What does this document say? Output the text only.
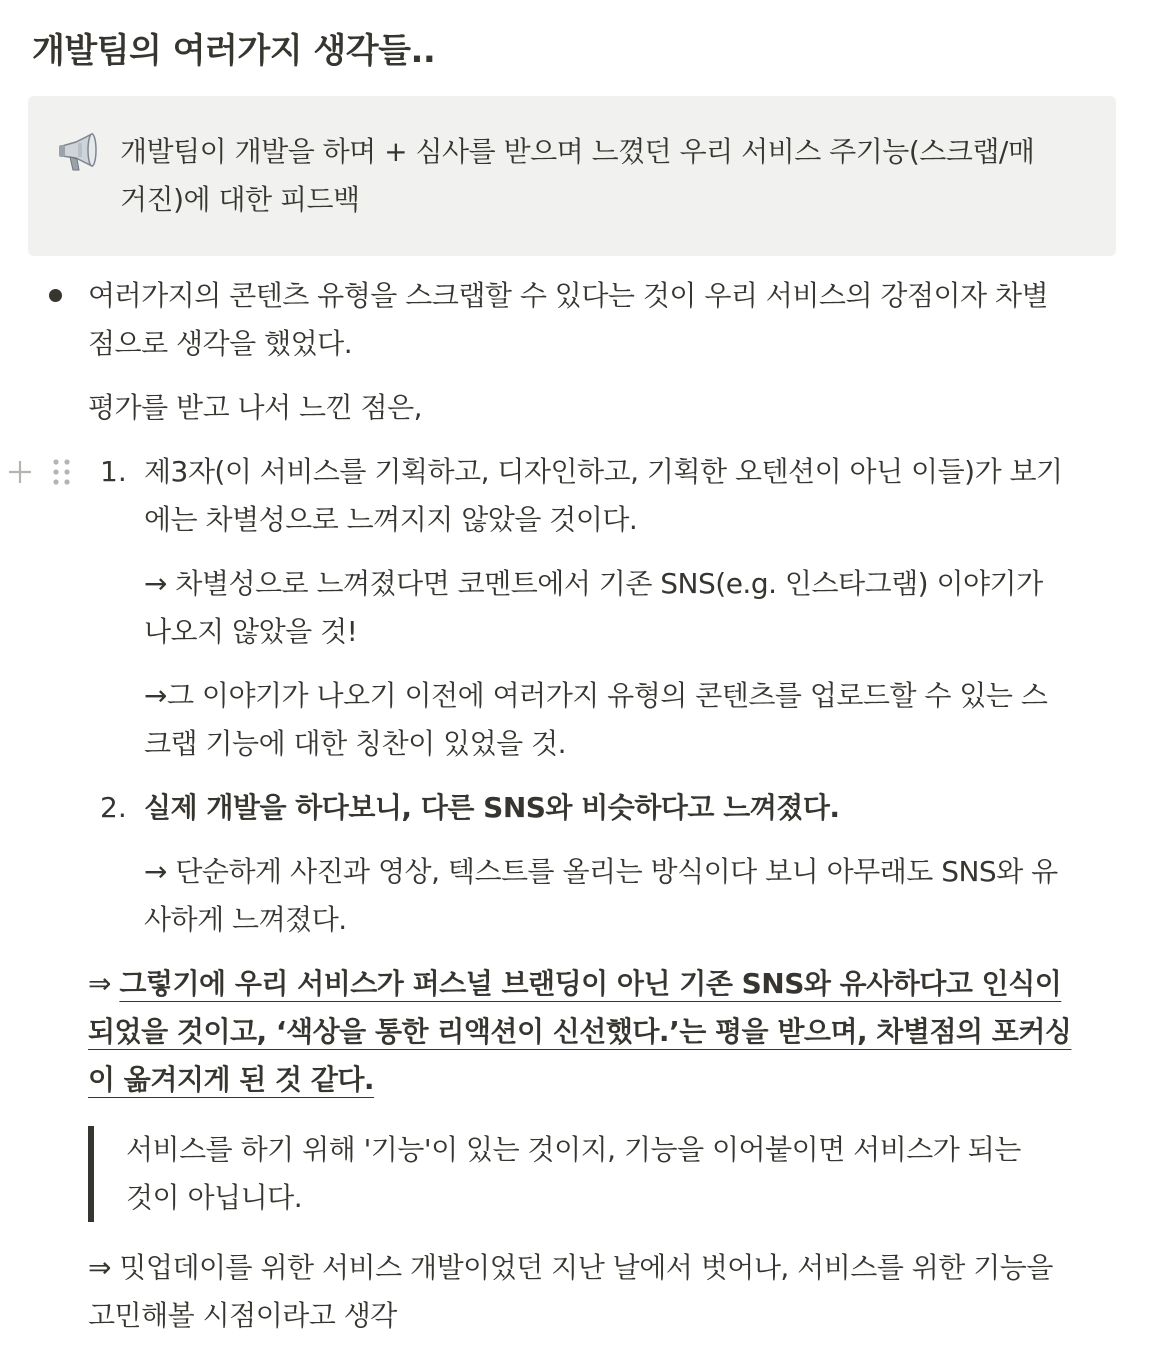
개발팀의 여러가지 생각들..
개발팀이 개발을 하며 + 심사를 받으며 느꼈던 우리 서비스 주기능(스크랩/매
거진)에 대한 피드백
여러가지의 콘텐츠 유형을 스크랩할 수 있다는 것이 우리 서비스의 강점이자 차별
점으로 생각을 했었다.
평가를 받고 나서 느낀 점은,
1. 제3자(이 서비스를 기획하고, 디자인하고, 기획한 오텐션이 아닌 이들)가 보기
에는 차별성으로 느껴지지 않았을 것이다.
→ 차별성으로 느껴졌다면 코멘트에서 기존 SNS(e.g. 인스타그램) 이야기가
나오지 않았을 것!
→그 이야기가 나오기 이전에 여러가지 유형의 콘텐츠를 업로드할 수 있는 스
크랩 기능에 대한 칭찬이 있었을 것.
2. 실제 개발을 하다보니, 다른 SNS와 비슷하다고 느껴졌다.
→ 단순하게 사진과 영상, 텍스트를 올리는 방식이다 보니 아무래도 SNS와 유
사하게 느껴졌다.
⇒ 그렇기에 우리 서비스가 퍼스널 브랜딩이 아닌 기존 SNS와 유사하다고 인식이
되었을 것이고, ‘색상을 통한 리액션이 신선했다.’는 평을 받으며, 차별점의 포커싱
이 옮겨지게 된 것 같다.
서비스를 하기 위해 '기능'이 있는 것이지, 기능을 이어붙이면 서비스가 되는
것이 아닙니다.
⇒ 밋업데이를 위한 서비스 개발이었던 지난 날에서 벗어나, 서비스를 위한 기능을
고민해볼 시점이라고 생각
